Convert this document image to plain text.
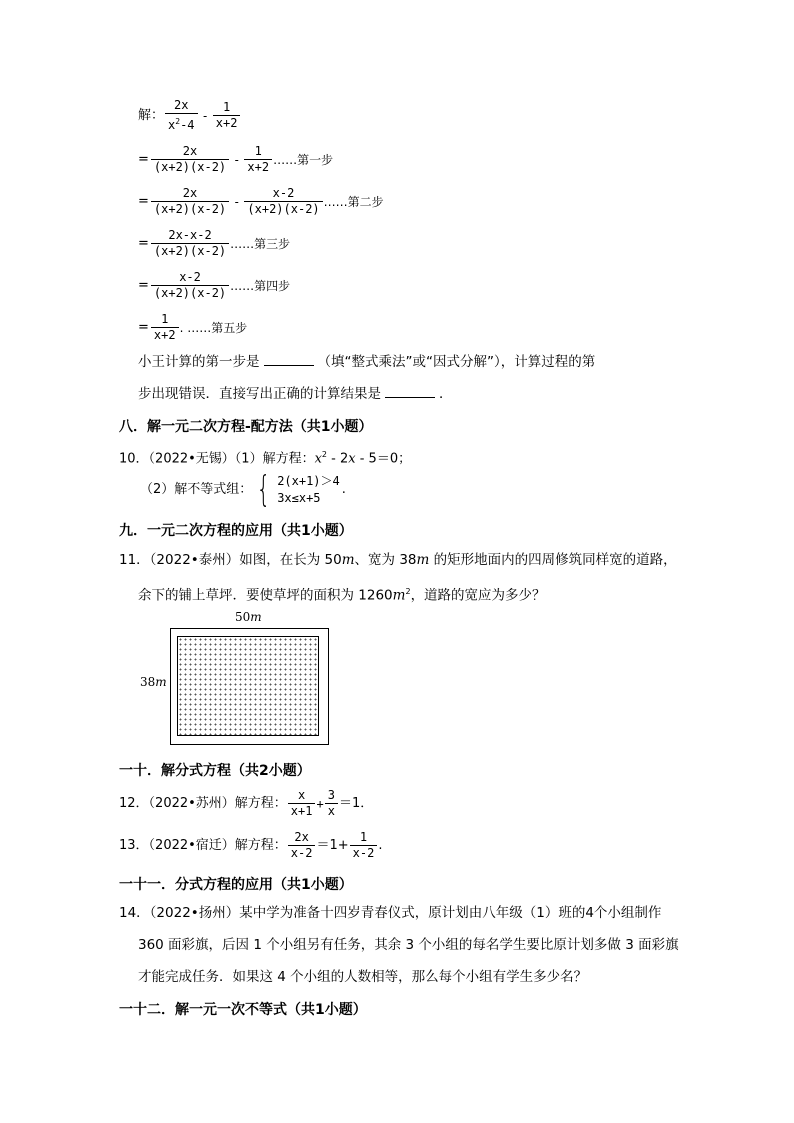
解： $\frac{2x}{x^2-4} - \frac{1}{x+2}$
= $\frac{2x}{(x+2)(x-2)} - \frac{1}{x+2}$ ……第一步
= $\frac{2x}{(x+2)(x-2)} - \frac{x-2}{(x+2)(x-2)}$ ……第二步
= $\frac{2x-x-2}{(x+2)(x-2)}$ ……第三步
= $\frac{x-2}{(x+2)(x-2)}$ ……第四步
= $\frac{1}{x+2}$ . ……第五步
小王计算的第一步是	（填“整式乘法”或“因式分解”），计算过程的第
步出现错误．直接写出正确的计算结果是	．
八．解一元二次方程-配方法（共1小题）
10．（2022•无锡）（1）解方程：$x^2 - 2x - 5=0$；
（2）解不等式组： { 2(x+1)＞4
3x≤x+5
.
九．一元二次方程的应用（共1小题）
11．（2022•泰州）如图，在长为 50m、宽为 38m 的矩形地面内的四周修筑同样宽的道路，
余下的铺上草坪．要使草坪的面积为 $1260m^2$，道路的宽应为多少？
50m
38m
一十．解分式方程（共2小题）
12．（2022•苏州）解方程： $\frac{x}{x+1} + \frac{3}{x} =1$．
13．（2022•宿迁）解方程： $\frac{2x}{x-2} =1+ \frac{1}{x-2}$ .
一十一．分式方程的应用（共1小题）
14．（2022•扬州）某中学为准备十四岁青春仪式，原计划由八年级（1）班的4个小组制作
360 面彩旗，后因 1 个小组另有任务，其余 3 个小组的每名学生要比原计划多做 3 面彩旗
才能完成任务．如果这 4 个小组的人数相等，那么每个小组有学生多少名？
一十二．解一元一次不等式（共1小题）
